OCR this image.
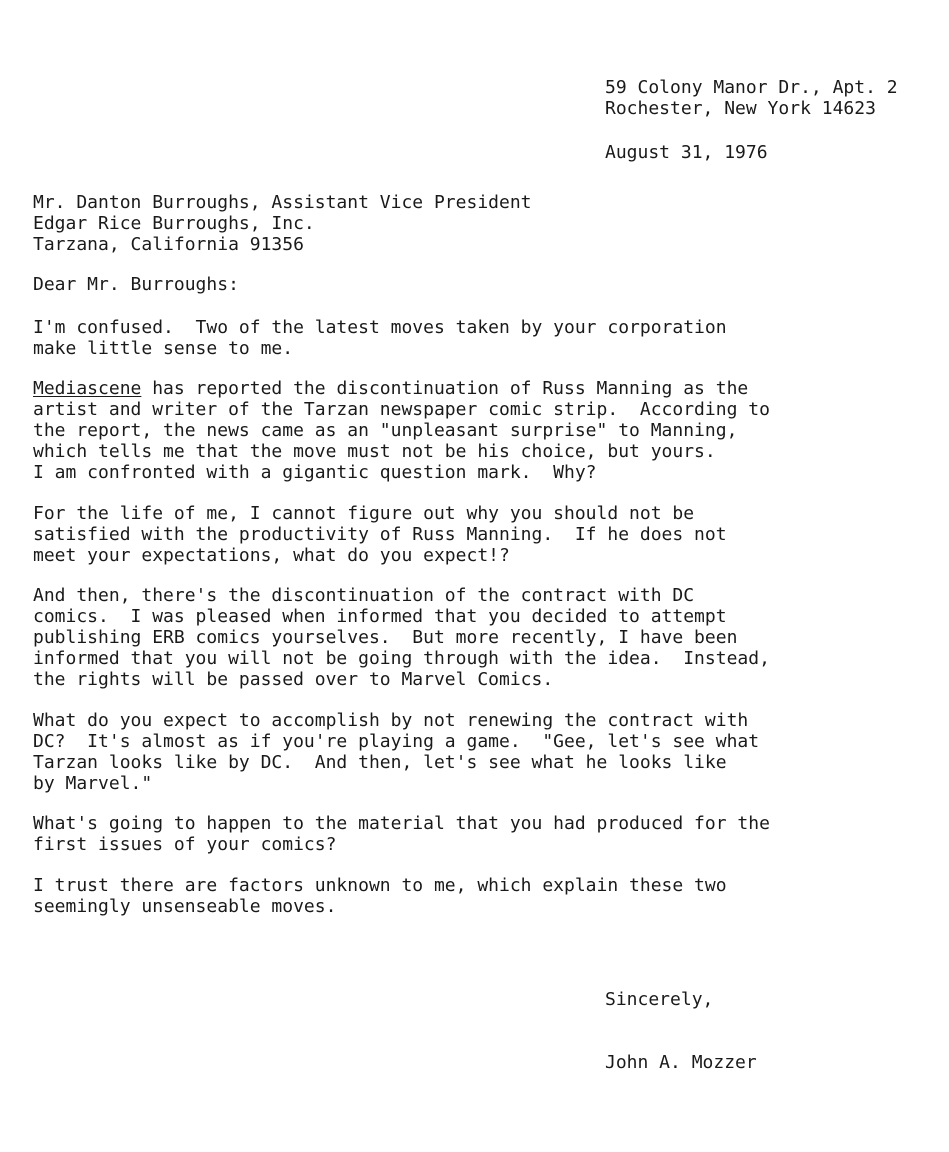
59 Colony Manor Dr., Apt. 2
Rochester, New York 14623
August 31, 1976
Mr. Danton Burroughs, Assistant Vice President
Edgar Rice Burroughs, Inc.
Tarzana, California 91356
Dear Mr. Burroughs:
I'm confused.  Two of the latest moves taken by your corporation
make little sense to me.
Mediascene has reported the discontinuation of Russ Manning as the
artist and writer of the Tarzan newspaper comic strip.  According to
the report, the news came as an "unpleasant surprise" to Manning,
which tells me that the move must not be his choice, but yours.
I am confronted with a gigantic question mark.  Why?
For the life of me, I cannot figure out why you should not be
satisfied with the productivity of Russ Manning.  If he does not
meet your expectations, what do you expect!?
And then, there's the discontinuation of the contract with DC
comics.  I was pleased when informed that you decided to attempt
publishing ERB comics yourselves.  But more recently, I have been
informed that you will not be going through with the idea.  Instead,
the rights will be passed over to Marvel Comics.
What do you expect to accomplish by not renewing the contract with
DC?  It's almost as if you're playing a game.  "Gee, let's see what
Tarzan looks like by DC.  And then, let's see what he looks like
by Marvel."
What's going to happen to the material that you had produced for the
first issues of your comics?
I trust there are factors unknown to me, which explain these two
seemingly unsenseable moves.
Sincerely,
John A. Mozzer
